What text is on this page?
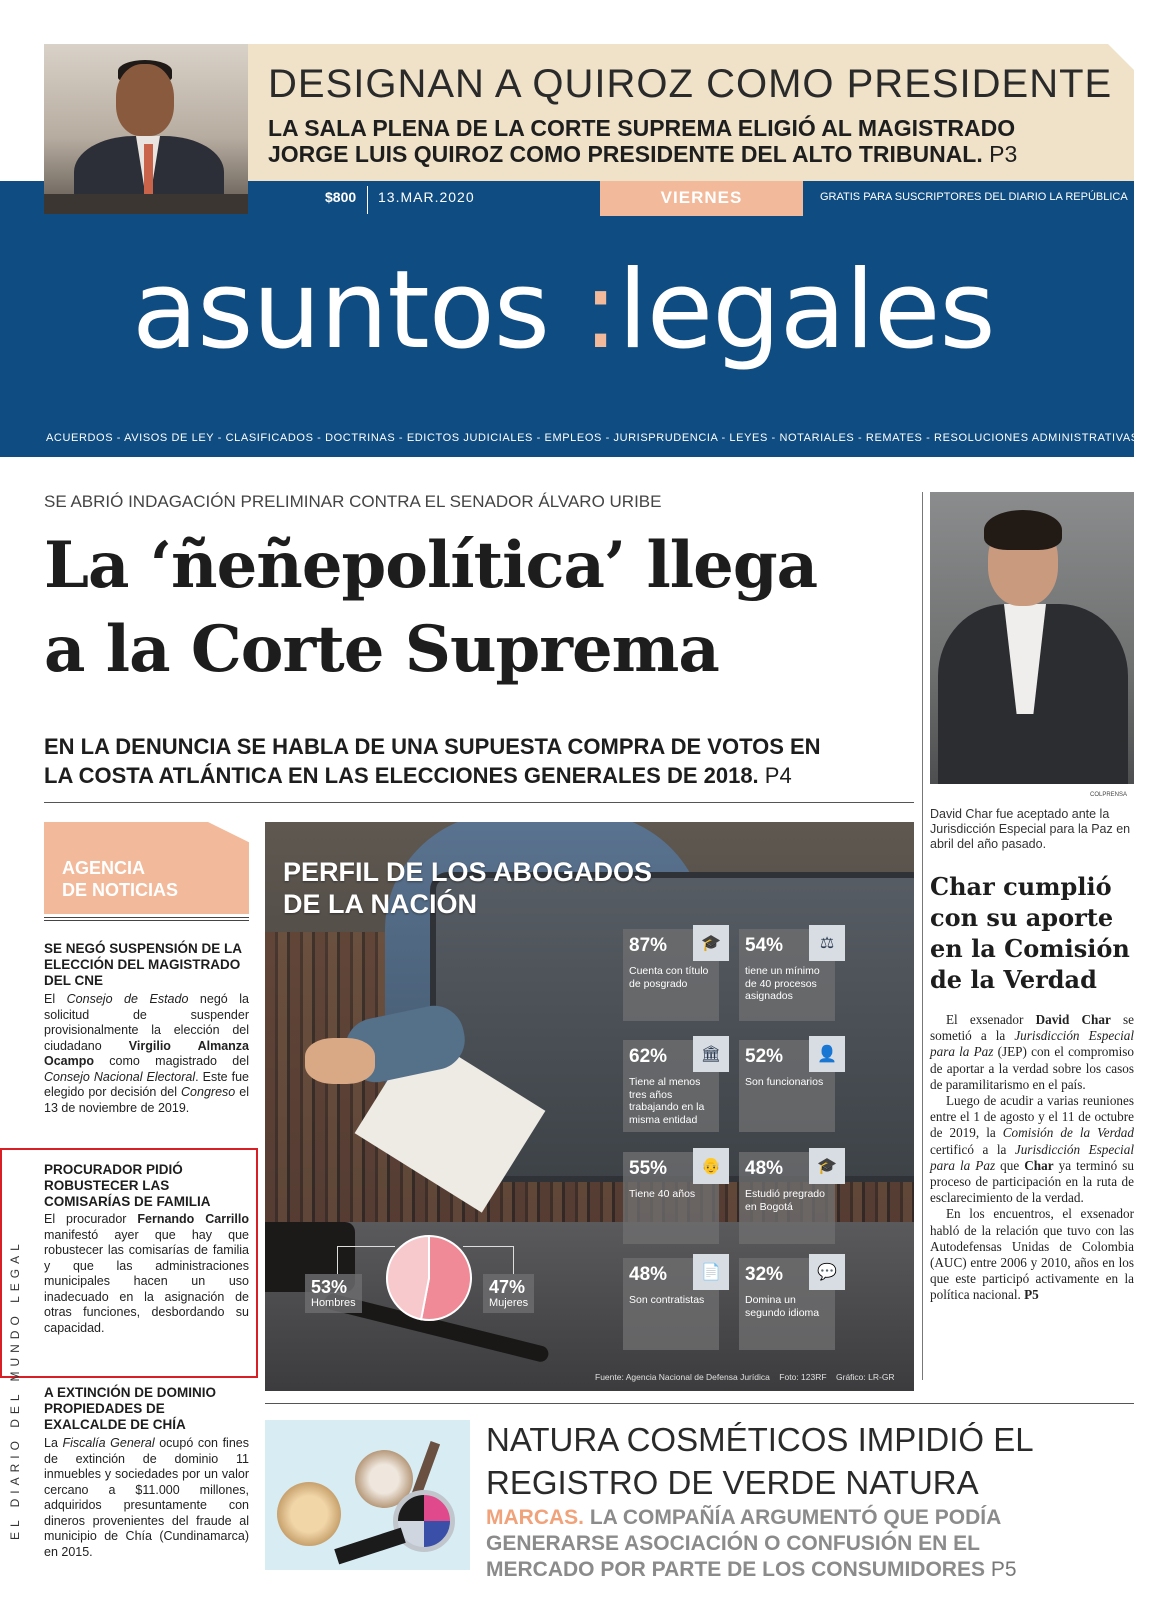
DESIGNAN A QUIROZ COMO PRESIDENTE
LA SALA PLENA DE LA CORTE SUPREMA ELIGIÓ AL MAGISTRADO
JORGE LUIS QUIROZ COMO PRESIDENTE DEL ALTO TRIBUNAL. P3
$800 13.MAR.2020	VIERNES	GRATIS PARA SUSCRIPTORES DEL DIARIO LA REPÚBLICA
asuntos :legales
ACUERDOS - AVISOS DE LEY - CLASIFICADOS - DOCTRINAS - EDICTOS JUDICIALES - EMPLEOS - JURISPRUDENCIA - LEYES - NOTARIALES - REMATES - RESOLUCIONES ADMINISTRATIVAS
SE ABRIÓ INDAGACIÓN PRELIMINAR CONTRA EL SENADOR ÁLVARO URIBE
La ‘ñeñepolítica’ llega
a la Corte Suprema
EN LA DENUNCIA SE HABLA DE UNA SUPUESTA COMPRA DE VOTOS EN
LA COSTA ATLÁNTICA EN LAS ELECCIONES GENERALES DE 2018. P4
AGENCIA
DE NOTICIAS
SE NEGÓ SUSPENSIÓN DE LA ELECCIÓN DEL MAGISTRADO DEL CNE
El Consejo de Estado negó la solicitud de suspender provisionalmente la elección del ciudadano Virgilio Almanza Ocampo como magistrado del Consejo Nacional Electoral. Este fue elegido por decisión del Congreso el 13 de noviembre de 2019.
PROCURADOR PIDIÓ ROBUSTECER LAS COMISARÍAS DE FAMILIA
El procurador Fernando Carrillo manifestó ayer que hay que robustecer las comisarías de familia y que las administraciones municipales hacen un uso inadecuado en la asignación de otras funciones, desbordando su capacidad.
A EXTINCIÓN DE DOMINIO PROPIEDADES DE EXALCALDE DE CHÍA
La Fiscalía General ocupó con fines de extinción de dominio 11 inmuebles y sociedades por un valor cercano a $11.000 millones, adquiridos presuntamente con dineros provenientes del fraude al municipio de Chía (Cundinamarca) en 2015.
EL DIARIO DEL MUNDO LEGAL
PERFIL DE LOS ABOGADOS
DE LA NACIÓN
87%
Cuenta con título de posgrado
🎓	54%
tiene un mínimo de 40 procesos asignados
⚖
62%
Tiene al menos tres años trabajando en la misma entidad
🏛	52%
Son funcionarios
👤
55%
Tiene 40 años
👴	48%
Estudió pregrado en Bogotá
🎓
48%
Son contratistas
📄	32%
Domina un segundo idioma
💬
53%
Hombres
47%
Mujeres
Fuente: Agencia Nacional de Defensa Jurídica Foto: 123RF Gráfico: LR-GR
COLPRENSA
David Char fue aceptado ante la Jurisdicción Especial para la Paz en abril del año pasado.
Char cumplió
con su aporte
en la Comisión
de la Verdad

El exsenador David Char se sometió a la Jurisdicción Especial para la Paz (JEP) con el compromiso de aportar a la verdad sobre los casos de paramilitarismo en el país.

Luego de acudir a varias reuniones entre el 1 de agosto y el 11 de octubre de 2019, la Comisión de la Verdad certificó a la Jurisdicción Especial para la Paz que Char ya terminó su proceso de participación en la ruta de esclarecimiento de la verdad.

En los encuentros, el exsenador habló de la relación que tuvo con las Autodefensas Unidas de Colombia (AUC) entre 2006 y 2010, años en los que este participó activamente en la política nacional. P5

NATURA COSMÉTICOS IMPIDIÓ EL
REGISTRO DE VERDE NATURA
MARCAS. LA COMPAÑÍA ARGUMENTÓ QUE PODÍA
GENERARSE ASOCIACIÓN O CONFUSIÓN EN EL
MERCADO POR PARTE DE LOS CONSUMIDORES P5
